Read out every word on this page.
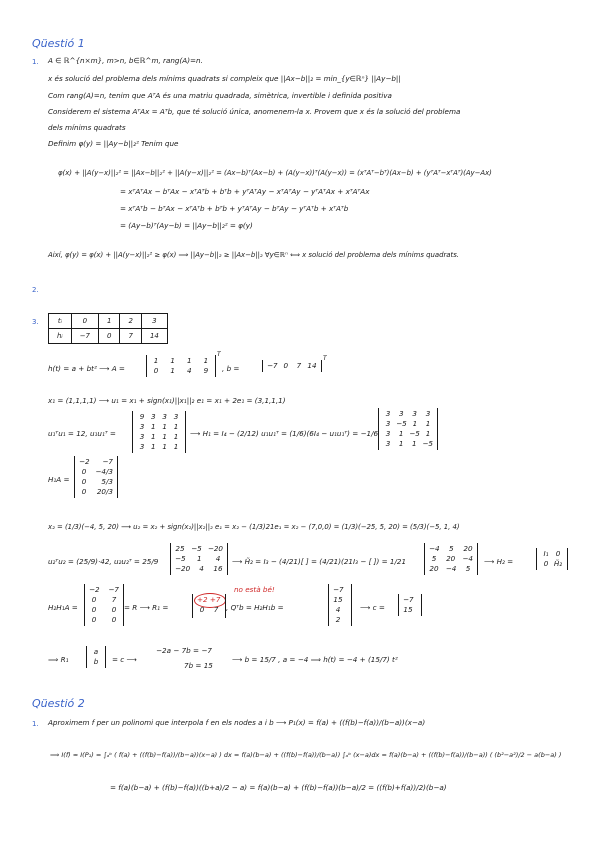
Qüestió 1
1. A ∈ ℝ^{n×m}, m>n, b∈ℝ^m, rang(A)=n.
x és solució del problema dels mínims quadrats si compleix que ||Ax−b||₂ = min_{y∈ℝⁿ} ||Ay−b||
Com rang(A)=n, tenim que AᵀA és una matriu quadrada, simètrica, invertible i definida positiva
Considerem el sistema AᵀAx = Aᵀb, que té solució única, anomenem-la x. Provem que x és la solució del problema
dels mínims quadrats
Definim φ(y) = ||Ay−b||₂² Tenim que
φ(x) + ||A(y−x)||₂² = ||Ax−b||₂² + ||A(y−x)||₂² = (Ax−b)ᵀ(Ax−b) + (A(y−x))ᵀ(A(y−x)) = (xᵀAᵀ−bᵀ)(Ax−b) + (yᵀAᵀ−xᵀAᵀ)(Ay−Ax)
= xᵀAᵀAx − bᵀAx − xᵀAᵀb + bᵀb + yᵀAᵀAy − xᵀAᵀAy − yᵀAᵀAx + xᵀAᵀAx
= xᵀAᵀb − bᵀAx − xᵀAᵀb + bᵀb + yᵀAᵀAy − bᵀAy − yᵀAᵀb + xᵀAᵀb
= (Ay−b)ᵀ(Ay−b) = ||Ay−b||₂² = φ(y)
Així, φ(y) = φ(x) + ||A(y−x)||₂² ≥ φ(x) ⟹ ||Ay−b||₂ ≥ ||Ax−b||₂ ∀y∈ℝⁿ ⟺ x solució del problema dels mínims quadrats.
2.
3.	tᵢ	0	1	2	3
hᵢ	−7	0	7	14
h(t) = a + bt² ⟶ A =
1	1	1	1
0	1	4	9
T
, b =	−7 0	7 14
T
x₁ = (1,1,1,1) ⟶ u₁ = x₁ + sign(x₁)||x₁||₂ e₁ = x₁ + 2e₁ = (3,1,1,1)
u₁ᵀu₁ = 12, u₁u₁ᵀ =
9 3 3 3
3 1 1 1
3 1 1 1
3 1 1 1
⟶ H₁ = I₄ − (2/12) u₁u₁ᵀ = (1/6)(6I₄ − u₁u₁ᵀ) = −1/6
3	3	3	3
3 −5 1	1
3	1 −5 1
3	1	1 −5
H₁A =
−2 −7
0	−4/3
0	5/3
0	20/3
x₂ = (1/3)(−4, 5, 20) ⟶ u₂ = x₂ + sign(x₂)||x₂||₂ e₁ = x₂ − (1/3)21e₁ = x₂ − (7,0,0) = (1/3)(−25, 5, 20) = (5/3)(−5, 1, 4)
u₂ᵀu₂ = (25/9)·42, u₂u₂ᵀ = 25/9
25 −5 −20
−5	1	4
−20	4	16
⟶ H̃₂ = I₃ − (4/21)[ ] = (4/21)(21I₃ − [ ]) = 1/21
−4	5	20
5	20 −4
20 −4	5
⟶ H₂ =
I₁	0
0 H̃₂
H₂H₁A =
−2 −7
0	7
0	0
0	0
= R ⟶ R₁ =
no està bé!
+2 +7
0	7	, Qᵀb = H₂H₁b =
−7
15
4
2
⟶ c =
−7
15
⟹ R₁
a
b	= c ⟶
−2a − 7b = −7
7b = 15
⟶ b = 15/7 , a = −4 ⟹ h(t) = −4 + (15/7) t²
Qüestió 2
1. Aproximem f per un polinomi que interpola f en els nodes a i b ⟶ P₁(x) = f(a) + ((f(b)−f(a))/(b−a))(x−a)
⟹ I(f) ≈ I(P₁) = ∫ₐᵇ ( f(a) + ((f(b)−f(a))/(b−a))(x−a) ) dx = f(a)(b−a) + ((f(b)−f(a))/(b−a)) ∫ₐᵇ (x−a)dx = f(a)(b−a) + ((f(b)−f(a))/(b−a)) ( (b²−a²)/2 − a(b−a) )
= f(a)(b−a) + (f(b)−f(a))((b+a)/2 − a) = f(a)(b−a) + (f(b)−f(a))(b−a)/2 = ((f(b)+f(a))/2)(b−a)
